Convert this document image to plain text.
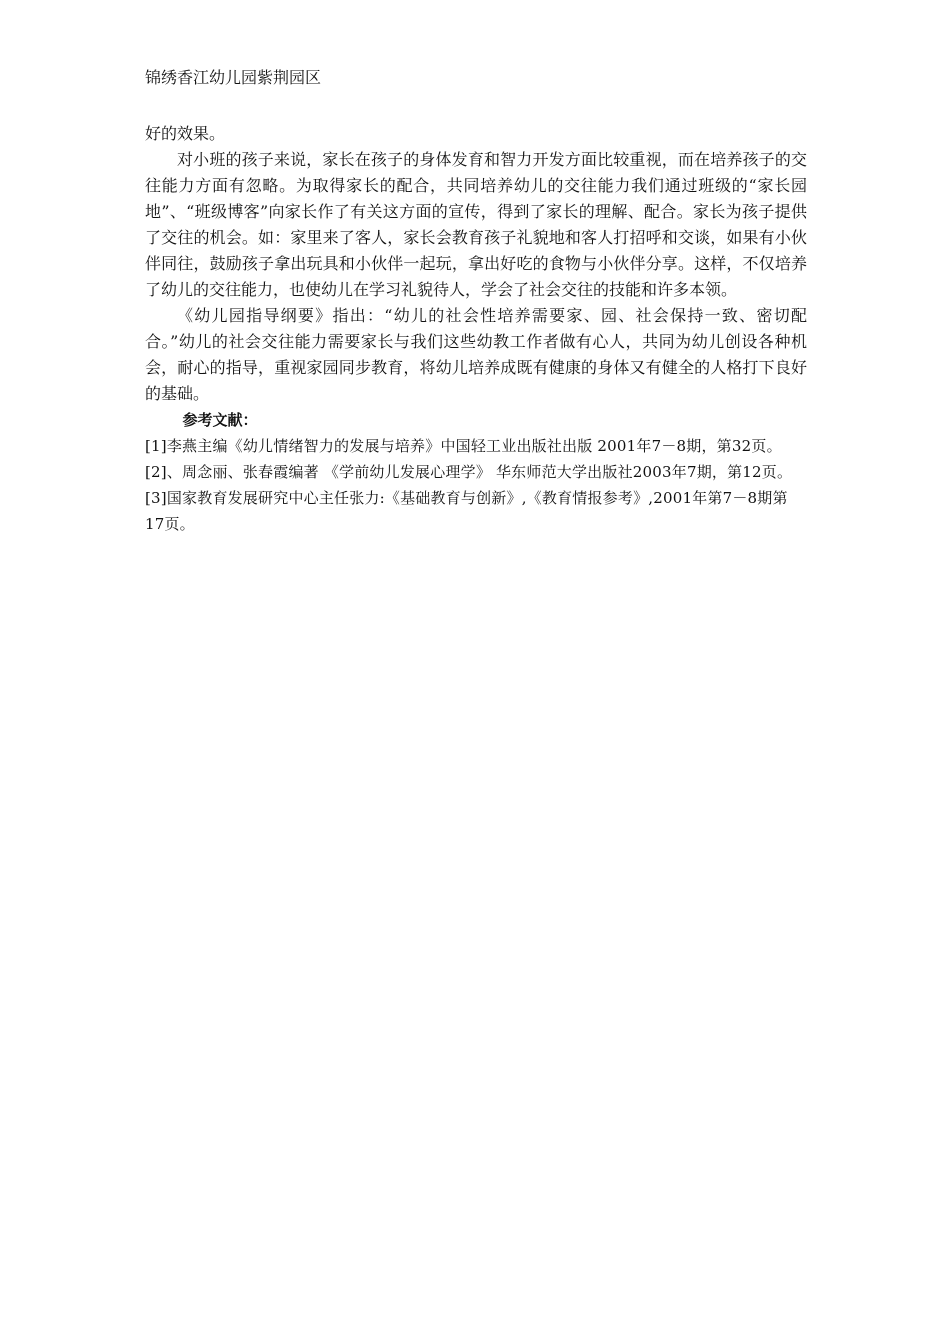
锦绣香江幼儿园紫荆园区

好的效果。

对小班的孩子来说，家长在孩子的身体发育和智力开发方面比较重视，而在培养孩子的交往能力方面有忽略。为取得家长的配合，共同培养幼儿的交往能力我们通过班级的“家长园地”、“班级博客”向家长作了有关这方面的宣传，得到了家长的理解、配合。家长为孩子提供了交往的机会。如：家里来了客人，家长会教育孩子礼貌地和客人打招呼和交谈，如果有小伙伴同往，鼓励孩子拿出玩具和小伙伴一起玩，拿出好吃的食物与小伙伴分享。这样，不仅培养了幼儿的交往能力，也使幼儿在学习礼貌待人，学会了社会交往的技能和许多本领。

《幼儿园指导纲要》指出：“幼儿的社会性培养需要家、园、社会保持一致、密切配合。”幼儿的社会交往能力需要家长与我们这些幼教工作者做有心人，共同为幼儿创设各种机会，耐心的指导，重视家园同步教育，将幼儿培养成既有健康的身体又有健全的人格打下良好的基础。

参考文献：

[1]李燕主编《幼儿情绪智力的发展与培养》中国轻工业出版社出版 2001年7－8期，第32页。
[2]、周念丽、张春霞编著 《学前幼儿发展心理学》 华东师范大学出版社2003年7期，第12页。
[3]国家教育发展研究中心主任张力:《基础教育与创新》,《教育情报参考》,2001年第7－8期第17页。
